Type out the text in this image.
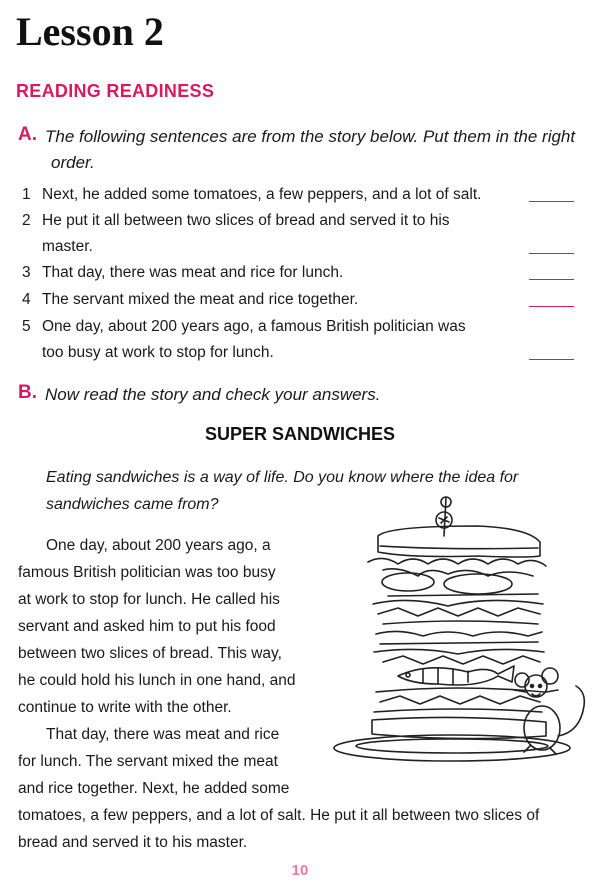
Lesson 2
READING READINESS
A. The following sentences are from the story below. Put them in the right
order.
1 Next, he added some tomatoes, a few peppers, and a lot of salt.
2 He put it all between two slices of bread and served it to his
master.
3 That day, there was meat and rice for lunch.
4 The servant mixed the meat and rice together.
5 One day, about 200 years ago, a famous British politician was
too busy at work to stop for lunch.
B. Now read the story and check your answers.
SUPER SANDWICHES
Eating sandwiches is a way of life. Do you know where the idea for
sandwiches came from?
One day, about 200 years ago, a
famous British politician was too busy
at work to stop for lunch. He called his
servant and asked him to put his food
between two slices of bread. This way,
he could hold his lunch in one hand, and
continue to write with the other.
That day, there was meat and rice
for lunch. The servant mixed the meat
and rice together. Next, he added some
tomatoes, a few peppers, and a lot of salt. He put it all between two slices of
bread and served it to his master.
10
